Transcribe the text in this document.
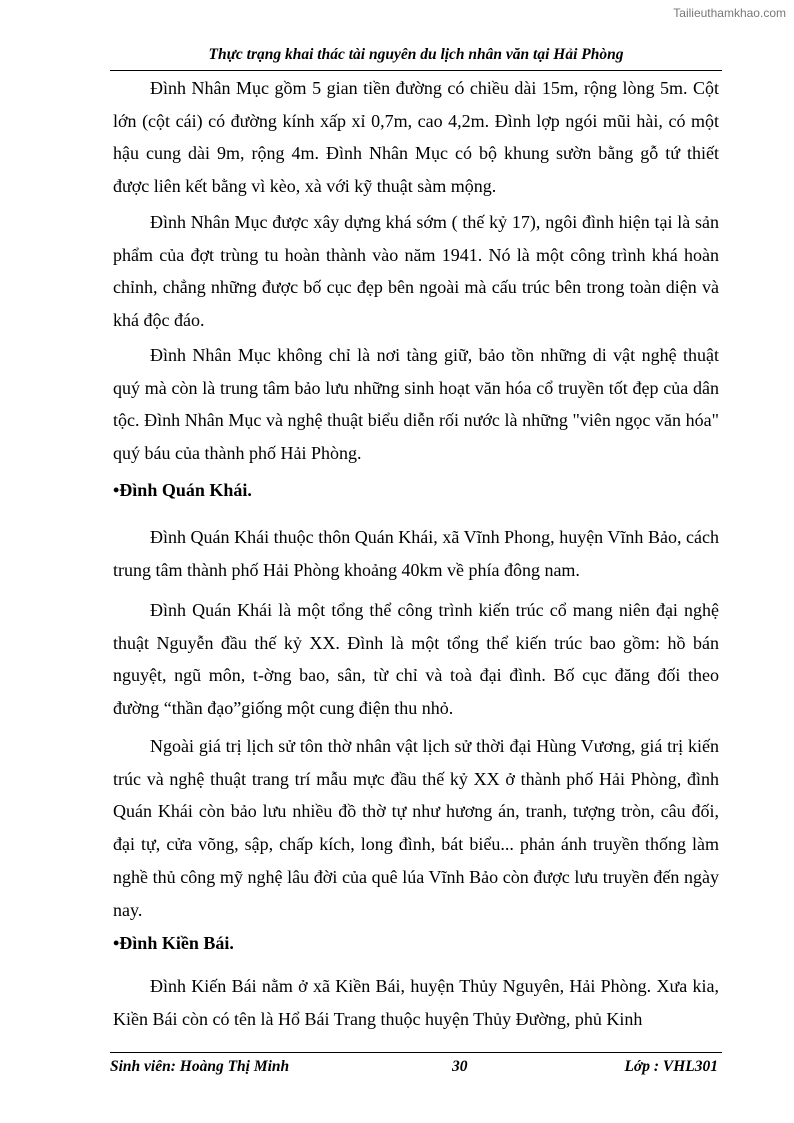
Tailieuthamkhao.com
Thực trạng khai thác tài nguyên du lịch nhân văn tại Hải Phòng
Đình Nhân Mục gồm 5 gian tiền đường có chiều dài 15m, rộng lòng 5m. Cột lớn (cột cái) có đường kính xấp xỉ 0,7m, cao 4,2m. Đình lợp ngói mũi hài, có một hậu cung dài 9m, rộng 4m. Đình Nhân Mục có bộ khung sườn bằng gỗ tứ thiết được liên kết bằng vì kèo, xà với kỹ thuật sàm mộng.
Đình Nhân Mục được xây dựng khá sớm ( thế kỷ 17), ngôi đình hiện tại là sản phẩm của đợt trùng tu hoàn thành vào năm 1941. Nó là một công trình khá hoàn chỉnh, chẳng những được bố cục đẹp bên ngoài mà cấu trúc bên trong toàn diện và khá độc đáo.
Đình Nhân Mục không chỉ là nơi tàng giữ, bảo tồn những di vật nghệ thuật quý mà còn là trung tâm bảo lưu những sinh hoạt văn hóa cổ truyền tốt đẹp của dân tộc. Đình Nhân Mục và nghệ thuật biểu diễn rối nước là những "viên ngọc văn hóa" quý báu của thành phố Hải Phòng.
•Đình Quán Khái.
Đình Quán Khái thuộc thôn Quán Khái, xã Vĩnh Phong, huyện Vĩnh Bảo, cách trung tâm thành phố Hải Phòng khoảng 40km về phía đông nam.
Đình Quán Khái là một tổng thể công trình kiến trúc cổ mang niên đại nghệ thuật Nguyễn đầu thế kỷ XX. Đình là một tổng thể kiến trúc bao gồm: hồ bán nguyệt, ngũ môn, t-ờng bao, sân, từ chỉ và toà đại đình. Bố cục đăng đối theo đường “thần đạo”giống một cung điện thu nhỏ.
Ngoài giá trị lịch sử tôn thờ nhân vật lịch sử thời đại Hùng Vương, giá trị kiến trúc và nghệ thuật trang trí mẫu mực đầu thế kỷ XX ở thành phố Hải Phòng, đình Quán Khái còn bảo lưu nhiều đồ thờ tự như hương án, tranh, tượng tròn, câu đối, đại tự, cửa võng, sập, chấp kích, long đình, bát biểu... phản ánh truyền thống làm nghề thủ công mỹ nghệ lâu đời của quê lúa Vĩnh Bảo còn được lưu truyền đến ngày nay.
•Đình Kiền Bái.
Đình Kiến Bái nằm ở xã Kiền Bái, huyện Thủy Nguyên, Hải Phòng. Xưa kia, Kiền Bái còn có tên là Hổ Bái Trang thuộc huyện Thủy Đường, phủ Kinh
Sinh viên: Hoàng Thị Minh	30	Lớp : VHL301
